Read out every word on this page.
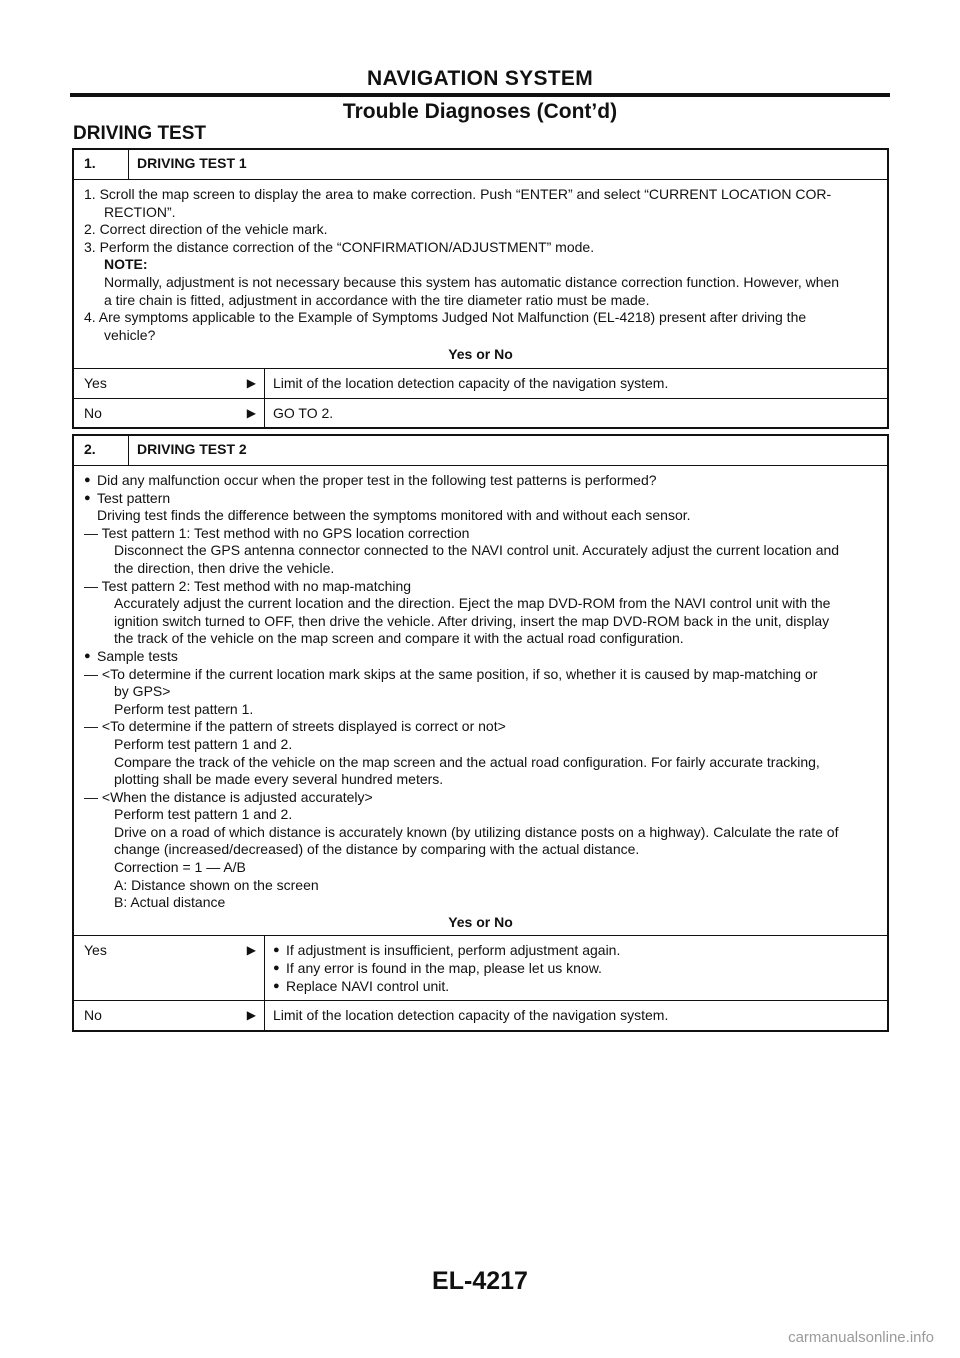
NAVIGATION SYSTEM
Trouble Diagnoses (Cont’d)
DRIVING TEST
1.	DRIVING TEST 1
1. Scroll the map screen to display the area to make correction. Push “ENTER” and select “CURRENT LOCATION COR-
RECTION”.
2. Correct direction of the vehicle mark.
3. Perform the distance correction of the “CONFIRMATION/ADJUSTMENT” mode.
NOTE:
Normally, adjustment is not necessary because this system has automatic distance correction function. However, when
a tire chain is fitted, adjustment in accordance with the tire diameter ratio must be made.
4. Are symptoms applicable to the Example of Symptoms Judged Not Malfunction (EL-4218) present after driving the
vehicle?
Yes or No
Yes	▶	Limit of the location detection capacity of the navigation system.
No	▶	GO TO 2.
2.	DRIVING TEST 2
● Did any malfunction occur when the proper test in the following test patterns is performed?
● Test pattern
Driving test finds the difference between the symptoms monitored with and without each sensor.
— Test pattern 1: Test method with no GPS location correction
Disconnect the GPS antenna connector connected to the NAVI control unit. Accurately adjust the current location and
the direction, then drive the vehicle.
— Test pattern 2: Test method with no map-matching
Accurately adjust the current location and the direction. Eject the map DVD-ROM from the NAVI control unit with the
ignition switch turned to OFF, then drive the vehicle. After driving, insert the map DVD-ROM back in the unit, display
the track of the vehicle on the map screen and compare it with the actual road configuration.
● Sample tests
— <To determine if the current location mark skips at the same position, if so, whether it is caused by map-matching or
by GPS>
Perform test pattern 1.
— <To determine if the pattern of streets displayed is correct or not>
Perform test pattern 1 and 2.
Compare the track of the vehicle on the map screen and the actual road configuration. For fairly accurate tracking,
plotting shall be made every several hundred meters.
— <When the distance is adjusted accurately>
Perform test pattern 1 and 2.
Drive on a road of which distance is accurately known (by utilizing distance posts on a highway). Calculate the rate of
change (increased/decreased) of the distance by comparing with the actual distance.
Correction = 1 — A/B
A: Distance shown on the screen
B: Actual distance
Yes or No
Yes	▶ ● If adjustment is insufficient, perform adjustment again.
● If any error is found in the map, please let us know.
● Replace NAVI control unit.
No	▶	Limit of the location detection capacity of the navigation system.
EL-4217
carmanualsonline.info
